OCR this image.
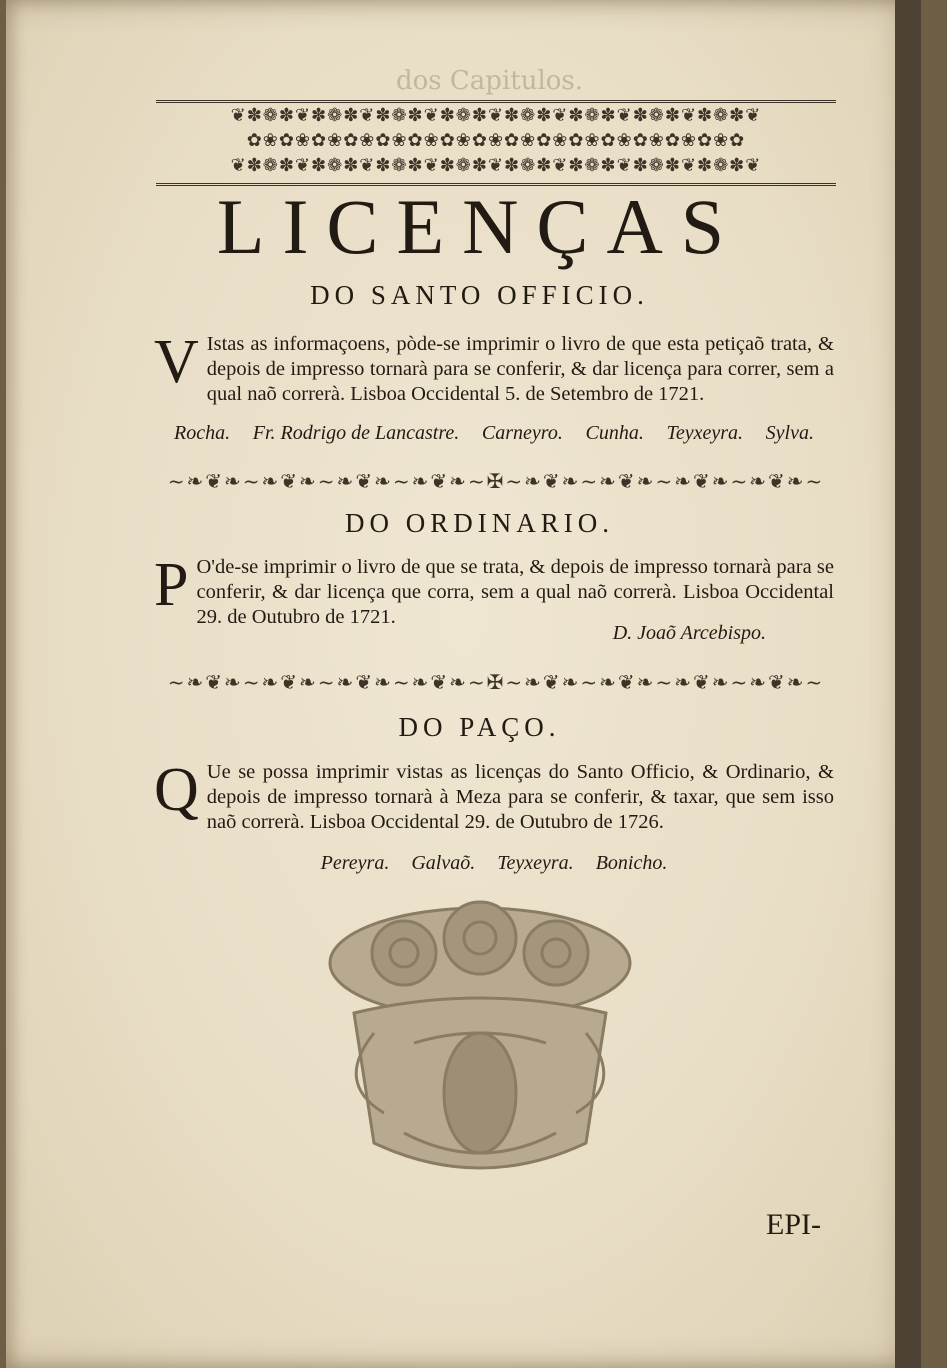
dos Capitulos.
❦✽❁✽❦✽❁✽❦✽❁✽❦✽❁✽❦✽❁✽❦✽❁✽❦✽❁✽❦✽❁✽❦
✿❀✿❀✿❀✿❀✿❀✿❀✿❀✿❀✿❀✿❀✿❀✿❀✿❀✿❀✿❀✿
❦✽❁✽❦✽❁✽❦✽❁✽❦✽❁✽❦✽❁✽❦✽❁✽❦✽❁✽❦✽❁✽❦
LICENÇAS
DO SANTO OFFICIO.
V Istas as informaçoens, pòde-se imprimir o livro de que esta petiçaõ trata, & depois de impresso tornarà para se conferir, & dar licença para correr, sem a qual naõ correrà. Lisboa Occidental 5. de Setembro de 1721.
Rocha. Fr. Rodrigo de Lancastre. Carneyro. Cunha. Teyxeyra. Sylva.
~❧❦❧~❧❦❧~❧❦❧~❧❦❧~✠~❧❦❧~❧❦❧~❧❦❧~❧❦❧~
DO ORDINARIO.
P O'de-se imprimir o livro de que se trata, & depois de impresso tornarà para se conferir, & dar licença que corra, sem a qual naõ correrà. Lisboa Occidental 29. de Outubro de 1721.
D. Joaõ Arcebispo.
~❧❦❧~❧❦❧~❧❦❧~❧❦❧~✠~❧❦❧~❧❦❧~❧❦❧~❧❦❧~
DO PAÇO.
Q Ue se possa imprimir vistas as licenças do Santo Officio, & Ordinario, & depois de impresso tornarà à Meza para se conferir, & taxar, que sem isso naõ correrà. Lisboa Occidental 29. de Outubro de 1726.
Pereyra. Galvaõ. Teyxeyra. Bonicho.
EPI-
